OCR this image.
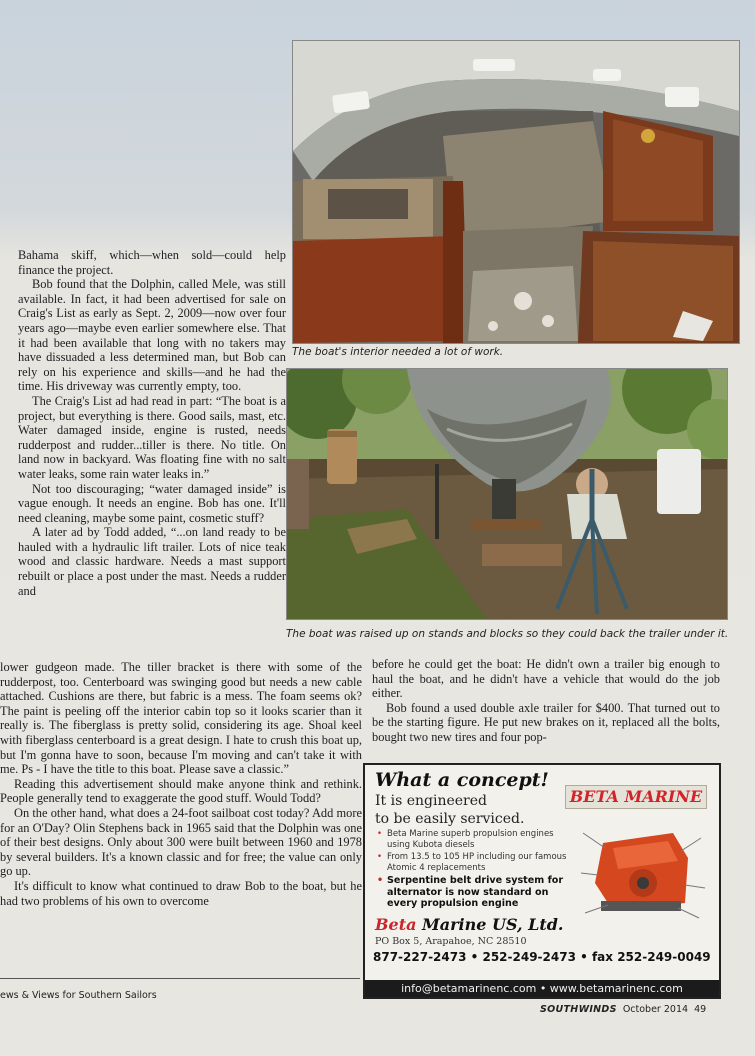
The boat's interior needed a lot of work.
The boat was raised up on stands and blocks so they could back the trailer under it.

Bahama skiff, which—when sold—could help finance the project.

Bob found that the Dolphin, called Mele, was still available. In fact, it had been advertised for sale on Craig's List as early as Sept. 2, 2009—now over four years ago—maybe even earlier somewhere else. That it had been available that long with no takers may have dissuaded a less determined man, but Bob can rely on his experience and skills—and he had the time. His driveway was currently empty, too.

The Craig's List ad had read in part: “The boat is a project, but everything is there. Good sails, mast, etc. Water damaged inside, engine is rusted, needs rudderpost and rudder...tiller is there. No title. On land now in backyard. Was floating fine with no salt water leaks, some rain water leaks in.”

Not too discouraging; “water damaged inside” is vague enough. It needs an engine. Bob has one. It'll need cleaning, maybe some paint, cosmetic stuff?

A later ad by Todd added, “...on land ready to be hauled with a hydraulic lift trailer. Lots of nice teak wood and classic hardware. Needs a mast support rebuilt or place a post under the mast. Needs a rudder and

lower gudgeon made. The tiller bracket is there with some of the rudderpost, too. Centerboard was swinging good but needs a new cable attached. Cushions are there, but fabric is a mess. The foam seems ok? The paint is peeling off the interior cabin top so it looks scarier than it really is. The fiberglass is pretty solid, considering its age. Shoal keel with fiberglass centerboard is a great design. I hate to crush this boat up, but I'm gonna have to soon, because I'm moving and can't take it with me. Ps - I have the title to this boat. Please save a classic.”

Reading this advertisement should make anyone think and rethink. People generally tend to exaggerate the good stuff. Would Todd?

On the other hand, what does a 24-foot sailboat cost today? Add more for an O'Day? Olin Stephens back in 1965 said that the Dolphin was one of their best designs. Only about 300 were built between 1960 and 1978 by several builders. It's a known classic and for free; the value can only go up.

It's difficult to know what continued to draw Bob to the boat, but he had two problems of his own to overcome

before he could get the boat: He didn't own a trailer big enough to haul the boat, and he didn't have a vehicle that would do the job either.

Bob found a used double axle trailer for $400. That turned out to be the starting figure. He put new brakes on it, replaced all the bolts, bought two new tires and four pop-

What a concept!
It is engineered
to be easily serviced.
BETA MARINE
• Beta Marine superb propulsion engines using Kubota diesels
• From 13.5 to 105 HP including our famous Atomic 4 replacements
• Serpentine belt drive system for alternator is now standard on every propulsion engine
Beta Marine US, Ltd.
PO Box 5, Arapahoe, NC 28510
877-227-2473 • 252-249-2473 • fax 252-249-0049
info@betamarinenc.com • www.betamarinenc.com
ews & Views for Southern Sailors
SOUTHWINDS October 2014 49
